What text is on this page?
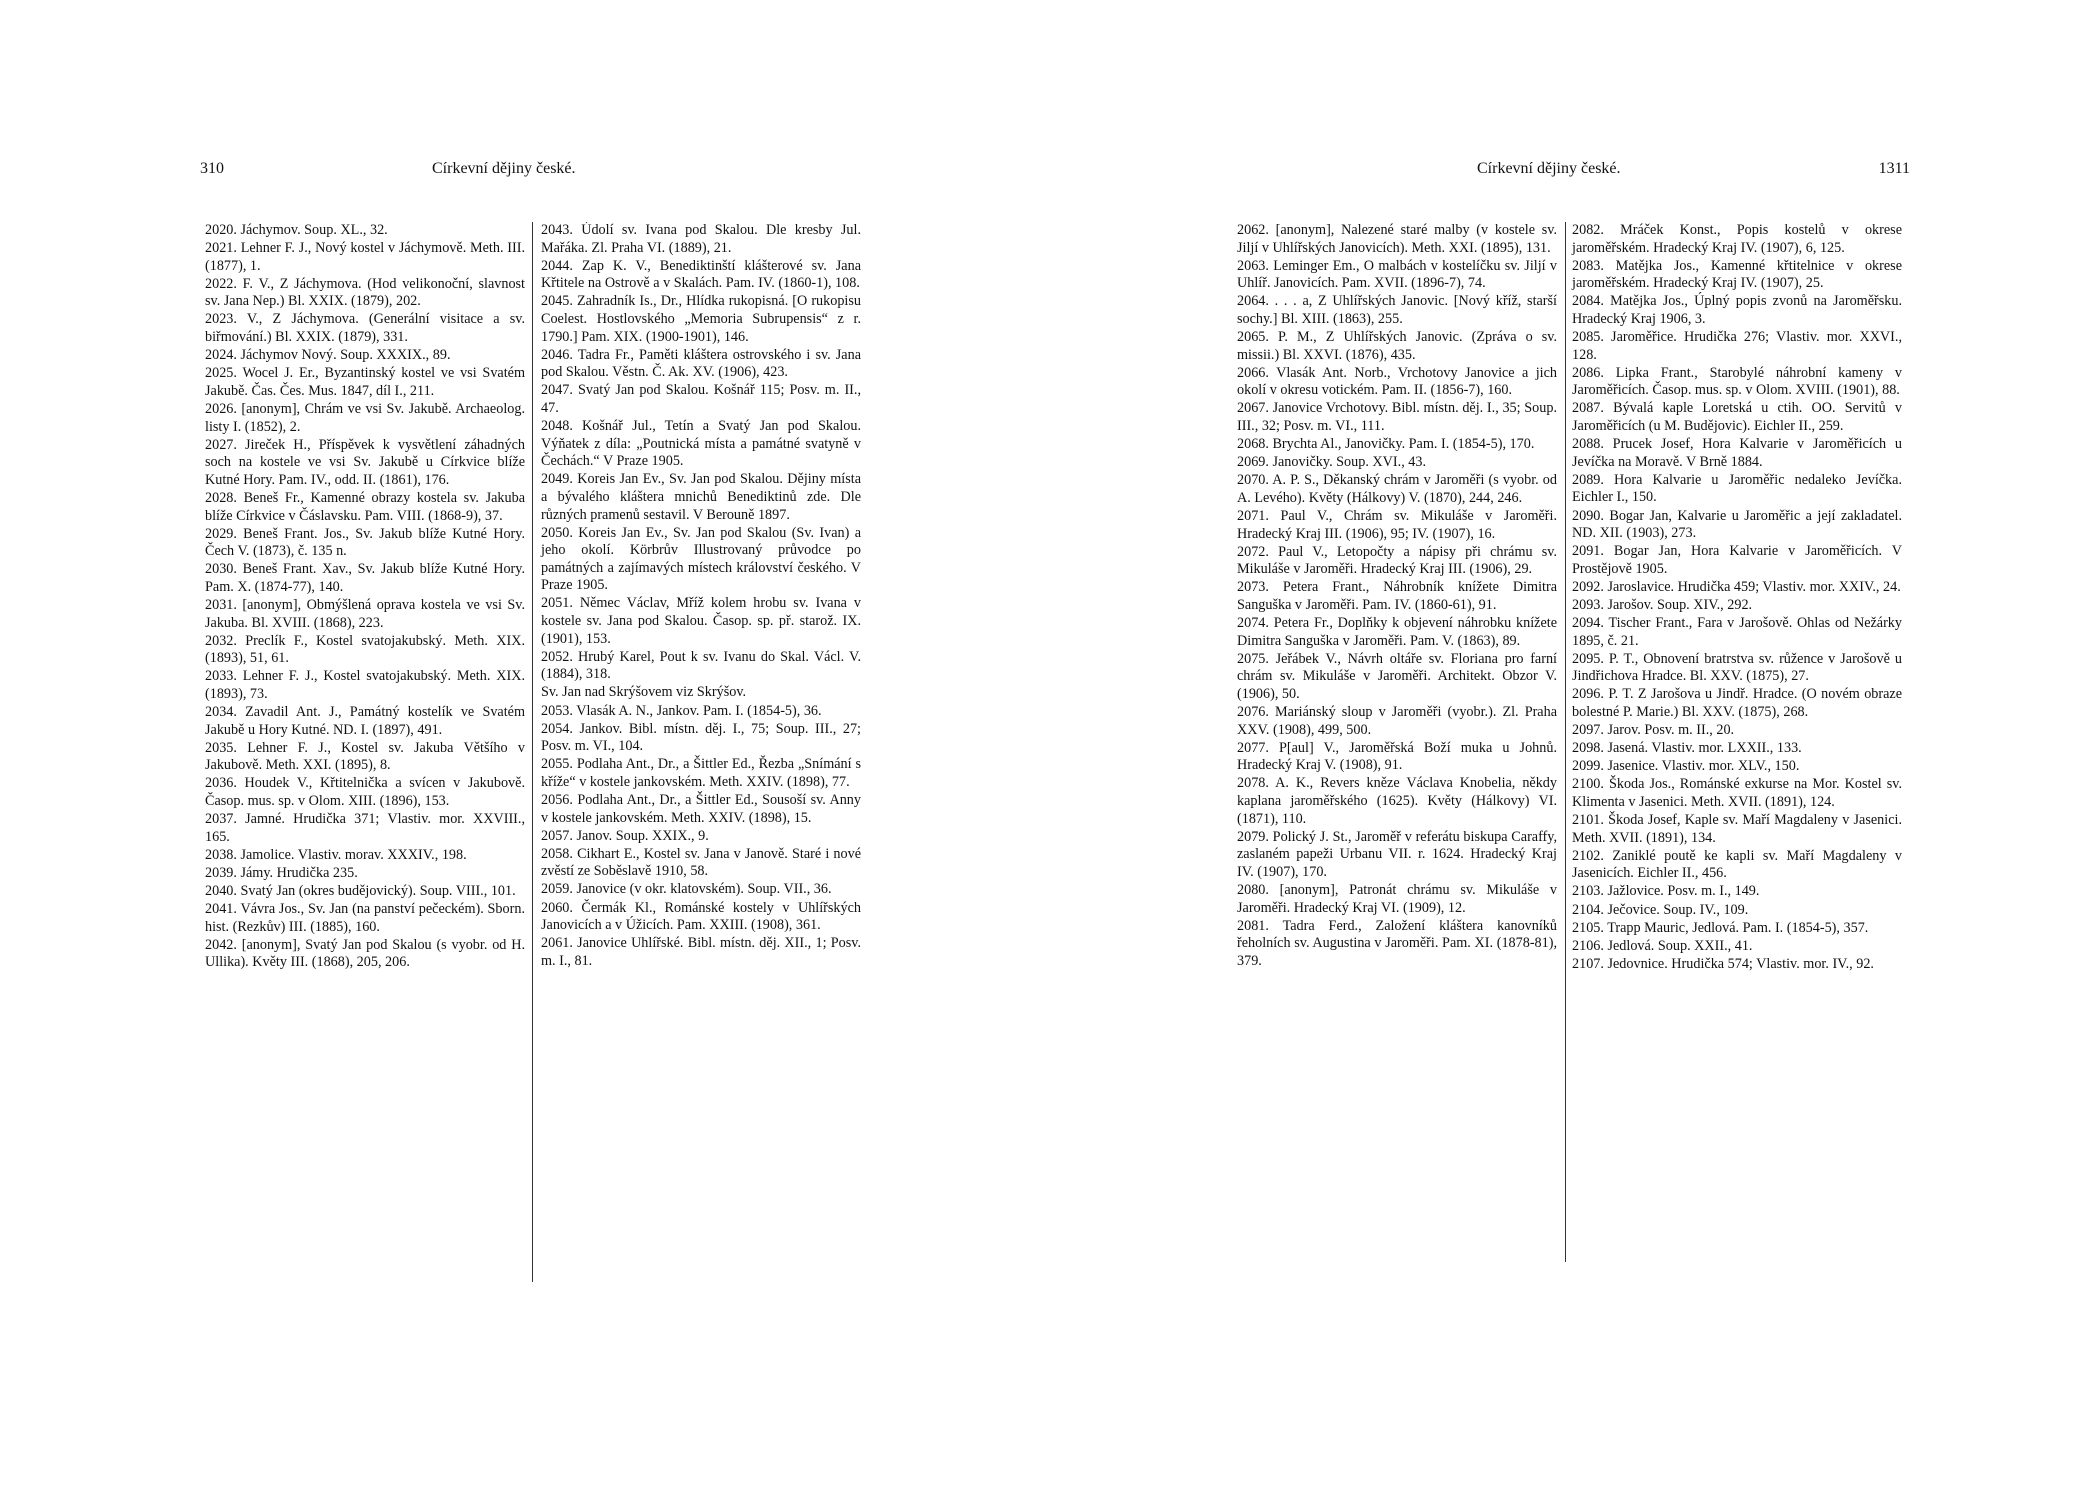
310	Církevní dějiny české.

2020. Jáchymov. Soup. XL., 32.

2021. Lehner F. J., Nový kostel v Jáchymově. Meth. III. (1877), 1.

2022. F. V., Z Jáchymova. (Hod velikonoční, slavnost sv. Jana Nep.) Bl. XXIX. (1879), 202.

2023. V., Z Jáchymova. (Generální visitace a sv. biřmování.) Bl. XXIX. (1879), 331.

2024. Jáchymov Nový. Soup. XXXIX., 89.

2025. Wocel J. Er., Byzantinský kostel ve vsi Svatém Jakubě. Čas. Čes. Mus. 1847, díl I., 211.

2026. [anonym], Chrám ve vsi Sv. Jakubě. Archaeolog. listy I. (1852), 2.

2027. Jireček H., Příspěvek k vysvětlení záhadných soch na kostele ve vsi Sv. Jakubě u Církvice blíže Kutné Hory. Pam. IV., odd. II. (1861), 176.

2028. Beneš Fr., Kamenné obrazy kostela sv. Jakuba blíže Církvice v Čáslavsku. Pam. VIII. (1868-9), 37.

2029. Beneš Frant. Jos., Sv. Jakub blíže Kutné Hory. Čech V. (1873), č. 135 n.

2030. Beneš Frant. Xav., Sv. Jakub blíže Kutné Hory. Pam. X. (1874-77), 140.

2031. [anonym], Obmýšlená oprava kostela ve vsi Sv. Jakuba. Bl. XVIII. (1868), 223.

2032. Preclík F., Kostel svatojakubský. Meth. XIX. (1893), 51, 61.

2033. Lehner F. J., Kostel svatojakubský. Meth. XIX. (1893), 73.

2034. Zavadil Ant. J., Památný kostelík ve Svatém Jakubě u Hory Kutné. ND. I. (1897), 491.

2035. Lehner F. J., Kostel sv. Jakuba Většího v Jakubově. Meth. XXI. (1895), 8.

2036. Houdek V., Křtitelnička a svícen v Jakubově. Časop. mus. sp. v Olom. XIII. (1896), 153.

2037. Jamné. Hrudička 371; Vlastiv. mor. XXVIII., 165.

2038. Jamolice. Vlastiv. morav. XXXIV., 198.

2039. Jámy. Hrudička 235.

2040. Svatý Jan (okres budějovický). Soup. VIII., 101.

2041. Vávra Jos., Sv. Jan (na panství pečeckém). Sborn. hist. (Rezkův) III. (1885), 160.

2042. [anonym], Svatý Jan pod Skalou (s vyobr. od H. Ullika). Květy III. (1868), 205, 206.

2043. Údolí sv. Ivana pod Skalou. Dle kresby Jul. Mařáka. Zl. Praha VI. (1889), 21.

2044. Zap K. V., Benediktinští klášterové sv. Jana Křtitele na Ostrově a v Skalách. Pam. IV. (1860-1), 108.

2045. Zahradník Is., Dr., Hlídka rukopisná. [O rukopisu Coelest. Hostlovského „Memoria Subrupensis“ z r. 1790.] Pam. XIX. (1900-1901), 146.

2046. Tadra Fr., Paměti kláštera ostrovského i sv. Jana pod Skalou. Věstn. Č. Ak. XV. (1906), 423.

2047. Svatý Jan pod Skalou. Košnář 115; Posv. m. II., 47.

2048. Košnář Jul., Tetín a Svatý Jan pod Skalou. Výňatek z díla: „Poutnická místa a památné svatyně v Čechách.“ V Praze 1905.

2049. Koreis Jan Ev., Sv. Jan pod Skalou. Dějiny místa a bývalého kláštera mnichů Benediktinů zde. Dle různých pramenů sestavil. V Berouně 1897.

2050. Koreis Jan Ev., Sv. Jan pod Skalou (Sv. Ivan) a jeho okolí. Körbrův Illustrovaný průvodce po památných a zajímavých místech království českého. V Praze 1905.

2051. Němec Václav, Mříž kolem hrobu sv. Ivana v kostele sv. Jana pod Skalou. Časop. sp. př. starož. IX. (1901), 153.

2052. Hrubý Karel, Pout k sv. Ivanu do Skal. Václ. V. (1884), 318.

Sv. Jan nad Skrýšovem viz Skrýšov.

2053. Vlasák A. N., Jankov. Pam. I. (1854-5), 36.

2054. Jankov. Bibl. místn. děj. I., 75; Soup. III., 27; Posv. m. VI., 104.

2055. Podlaha Ant., Dr., a Šittler Ed., Řezba „Snímání s kříže“ v kostele jankovském. Meth. XXIV. (1898), 77.

2056. Podlaha Ant., Dr., a Šittler Ed., Sousoší sv. Anny v kostele jankovském. Meth. XXIV. (1898), 15.

2057. Janov. Soup. XXIX., 9.

2058. Cikhart E., Kostel sv. Jana v Janově. Staré i nové zvěstí ze Soběslavě 1910, 58.

2059. Janovice (v okr. klatovském). Soup. VII., 36.

2060. Čermák Kl., Románské kostely v Uhlířských Janovicích a v Úžicích. Pam. XXIII. (1908), 361.

2061. Janovice Uhlířské. Bibl. místn. děj. XII., 1; Posv. m. I., 81.

Církevní dějiny české.	1311

2062. [anonym], Nalezené staré malby (v kostele sv. Jiljí v Uhlířských Janovicích). Meth. XXI. (1895), 131.

2063. Leminger Em., O malbách v kostelíčku sv. Jiljí v Uhlíř. Janovicích. Pam. XVII. (1896-7), 74.

2064. . . . a, Z Uhlířských Janovic. [Nový kříž, starší sochy.] Bl. XIII. (1863), 255.

2065. P. M., Z Uhlířských Janovic. (Zpráva o sv. missii.) Bl. XXVI. (1876), 435.

2066. Vlasák Ant. Norb., Vrchotovy Janovice a jich okolí v okresu votickém. Pam. II. (1856-7), 160.

2067. Janovice Vrchotovy. Bibl. místn. děj. I., 35; Soup. III., 32; Posv. m. VI., 111.

2068. Brychta Al., Janovičky. Pam. I. (1854-5), 170.

2069. Janovičky. Soup. XVI., 43.

2070. A. P. S., Děkanský chrám v Jaroměři (s vyobr. od A. Levého). Květy (Hálkovy) V. (1870), 244, 246.

2071. Paul V., Chrám sv. Mikuláše v Jaroměři. Hradecký Kraj III. (1906), 95; IV. (1907), 16.

2072. Paul V., Letopočty a nápisy při chrámu sv. Mikuláše v Jaroměři. Hradecký Kraj III. (1906), 29.

2073. Petera Frant., Náhrobník knížete Dimitra Sanguška v Jaroměři. Pam. IV. (1860-61), 91.

2074. Petera Fr., Doplňky k objevení náhrobku knížete Dimitra Sanguška v Jaroměři. Pam. V. (1863), 89.

2075. Jeřábek V., Návrh oltáře sv. Floriana pro farní chrám sv. Mikuláše v Jaroměři. Architekt. Obzor V. (1906), 50.

2076. Mariánský sloup v Jaroměři (vyobr.). Zl. Praha XXV. (1908), 499, 500.

2077. P[aul] V., Jaroměřská Boží muka u Johnů. Hradecký Kraj V. (1908), 91.

2078. A. K., Revers kněze Václava Knobelia, někdy kaplana jaroměřského (1625). Květy (Hálkovy) VI. (1871), 110.

2079. Polický J. St., Jaroměř v referátu biskupa Caraffy, zaslaném papeži Urbanu VII. r. 1624. Hradecký Kraj IV. (1907), 170.

2080. [anonym], Patronát chrámu sv. Mikuláše v Jaroměři. Hradecký Kraj VI. (1909), 12.

2081. Tadra Ferd., Založení kláštera kanovníků řeholních sv. Augustina v Jaroměři. Pam. XI. (1878-81), 379.

2082. Mráček Konst., Popis kostelů v okrese jaroměřském. Hradecký Kraj IV. (1907), 6, 125.

2083. Matějka Jos., Kamenné křtitelnice v okrese jaroměřském. Hradecký Kraj IV. (1907), 25.

2084. Matějka Jos., Úplný popis zvonů na Jaroměřsku. Hradecký Kraj 1906, 3.

2085. Jaroměřice. Hrudička 276; Vlastiv. mor. XXVI., 128.

2086. Lipka Frant., Starobylé náhrobní kameny v Jaroměřicích. Časop. mus. sp. v Olom. XVIII. (1901), 88.

2087. Bývalá kaple Loretská u ctih. OO. Servitů v Jaroměřicích (u M. Budějovic). Eichler II., 259.

2088. Prucek Josef, Hora Kalvarie v Jaroměřicích u Jevíčka na Moravě. V Brně 1884.

2089. Hora Kalvarie u Jaroměřic nedaleko Jevíčka. Eichler I., 150.

2090. Bogar Jan, Kalvarie u Jaroměřic a její zakladatel. ND. XII. (1903), 273.

2091. Bogar Jan, Hora Kalvarie v Jaroměřicích. V Prostějově 1905.

2092. Jaroslavice. Hrudička 459; Vlastiv. mor. XXIV., 24.

2093. Jarošov. Soup. XIV., 292.

2094. Tischer Frant., Fara v Jarošově. Ohlas od Nežárky 1895, č. 21.

2095. P. T., Obnovení bratrstva sv. růžence v Jarošově u Jindřichova Hradce. Bl. XXV. (1875), 27.

2096. P. T. Z Jarošova u Jindř. Hradce. (O novém obraze bolestné P. Marie.) Bl. XXV. (1875), 268.

2097. Jarov. Posv. m. II., 20.

2098. Jasená. Vlastiv. mor. LXXII., 133.

2099. Jasenice. Vlastiv. mor. XLV., 150.

2100. Škoda Jos., Románské exkurse na Mor. Kostel sv. Klimenta v Jasenici. Meth. XVII. (1891), 124.

2101. Škoda Josef, Kaple sv. Maří Magdaleny v Jasenici. Meth. XVII. (1891), 134.

2102. Zaniklé poutě ke kapli sv. Maří Magdaleny v Jasenicích. Eichler II., 456.

2103. Jažlovice. Posv. m. I., 149.

2104. Ječovice. Soup. IV., 109.

2105. Trapp Mauric, Jedlová. Pam. I. (1854-5), 357.

2106. Jedlová. Soup. XXII., 41.

2107. Jedovnice. Hrudička 574; Vlastiv. mor. IV., 92.
